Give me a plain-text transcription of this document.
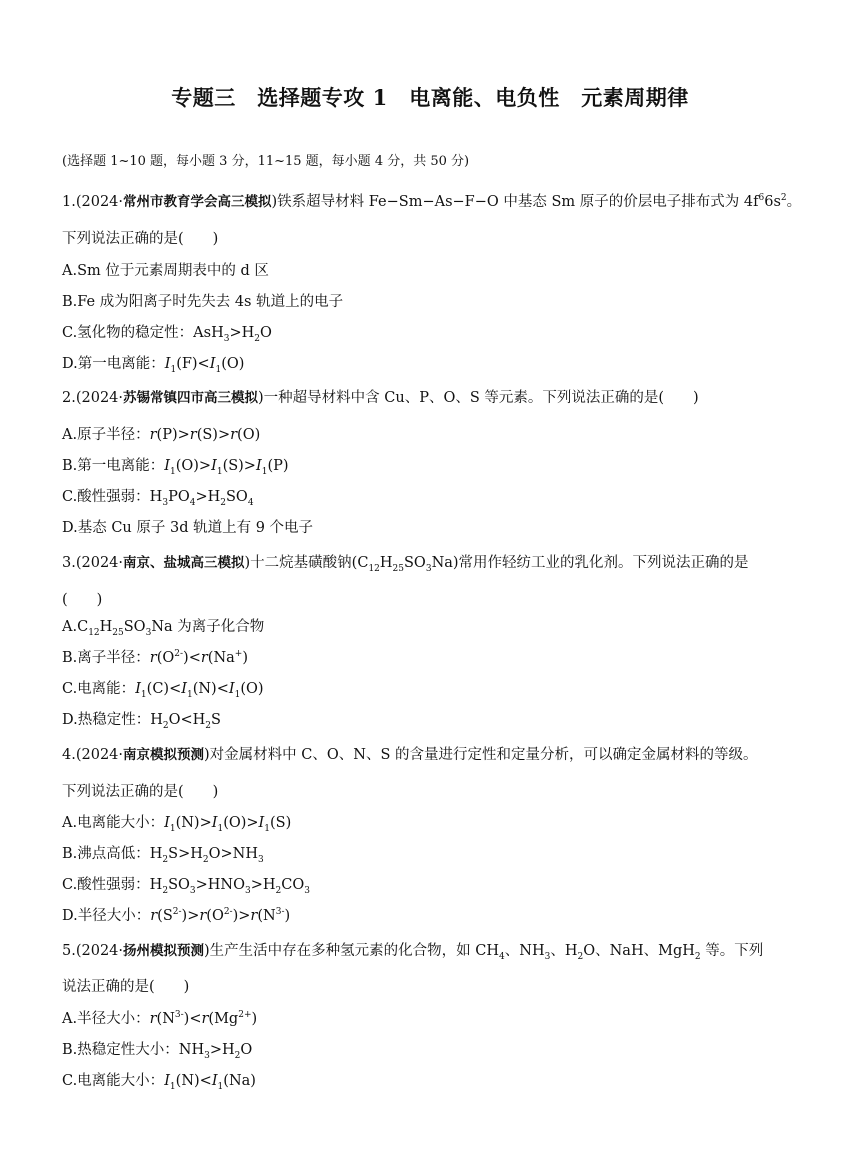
专题三　选择题专攻 1　电离能、电负性　元素周期律
(选择题 1~10 题，每小题 3 分，11~15 题，每小题 4 分，共 50 分)
1.(2024·常州市教育学会高三模拟)铁系超导材料 Fe−Sm−As−F−O 中基态 Sm 原子的价层电子排布式为 $4f^66s^2$。
下列说法正确的是(　　)
A.Sm 位于元素周期表中的 d 区
B.Fe 成为阳离子时先失去 4s 轨道上的电子
C.氢化物的稳定性：$AsH_3>H_2O$
D.第一电离能：$I_1(F)<I_1(O)$
2.(2024·苏锡常镇四市高三模拟)一种超导材料中含 Cu、P、O、S 等元素。下列说法正确的是(　　)
A.原子半径：r(P)>r(S)>r(O)
B.第一电离能：$I_1(O)>I_1(S)>I_1(P)$
C.酸性强弱：$H_3PO_4>H_2SO_4$
D.基态 Cu 原子 3d 轨道上有 9 个电子
3.(2024·南京、盐城高三模拟)十二烷基磺酸钠$(C_{12}H_{25}SO_3Na)$常用作轻纺工业的乳化剂。下列说法正确的是
(　　)
$A.C_{12}H_{25}SO_3Na$ 为离子化合物
B.离子半径：$r(O^{2-})<r(Na^+)$
C.电离能：$I_1(C)<I_1(N)<I_1(O)$
D.热稳定性：$H_2O<H_2S$
4.(2024·南京模拟预测)对金属材料中 C、O、N、S 的含量进行定性和定量分析，可以确定金属材料的等级。
下列说法正确的是(　　)
A.电离能大小：$I_1(N)>I_1(O)>I_1(S)$
B.沸点高低：$H_2S>H_2O>NH_3$
C.酸性强弱：$H_2SO_3>HNO_3>H_2CO_3$
D.半径大小：$r(S^{2-})>r(O^{2-})>r(N^{3-})$
5.(2024·扬州模拟预测)生产生活中存在多种氢元素的化合物，如 $CH_4$、$NH_3$、$H_2O$、NaH、MgH$_2$ 等。下列
说法正确的是(　　)
A.半径大小：$r(N^{3-})<r(Mg^{2+})$
B.热稳定性大小：$NH_3>H_2O$
C.电离能大小：$I_1(N)<I_1(Na)$
